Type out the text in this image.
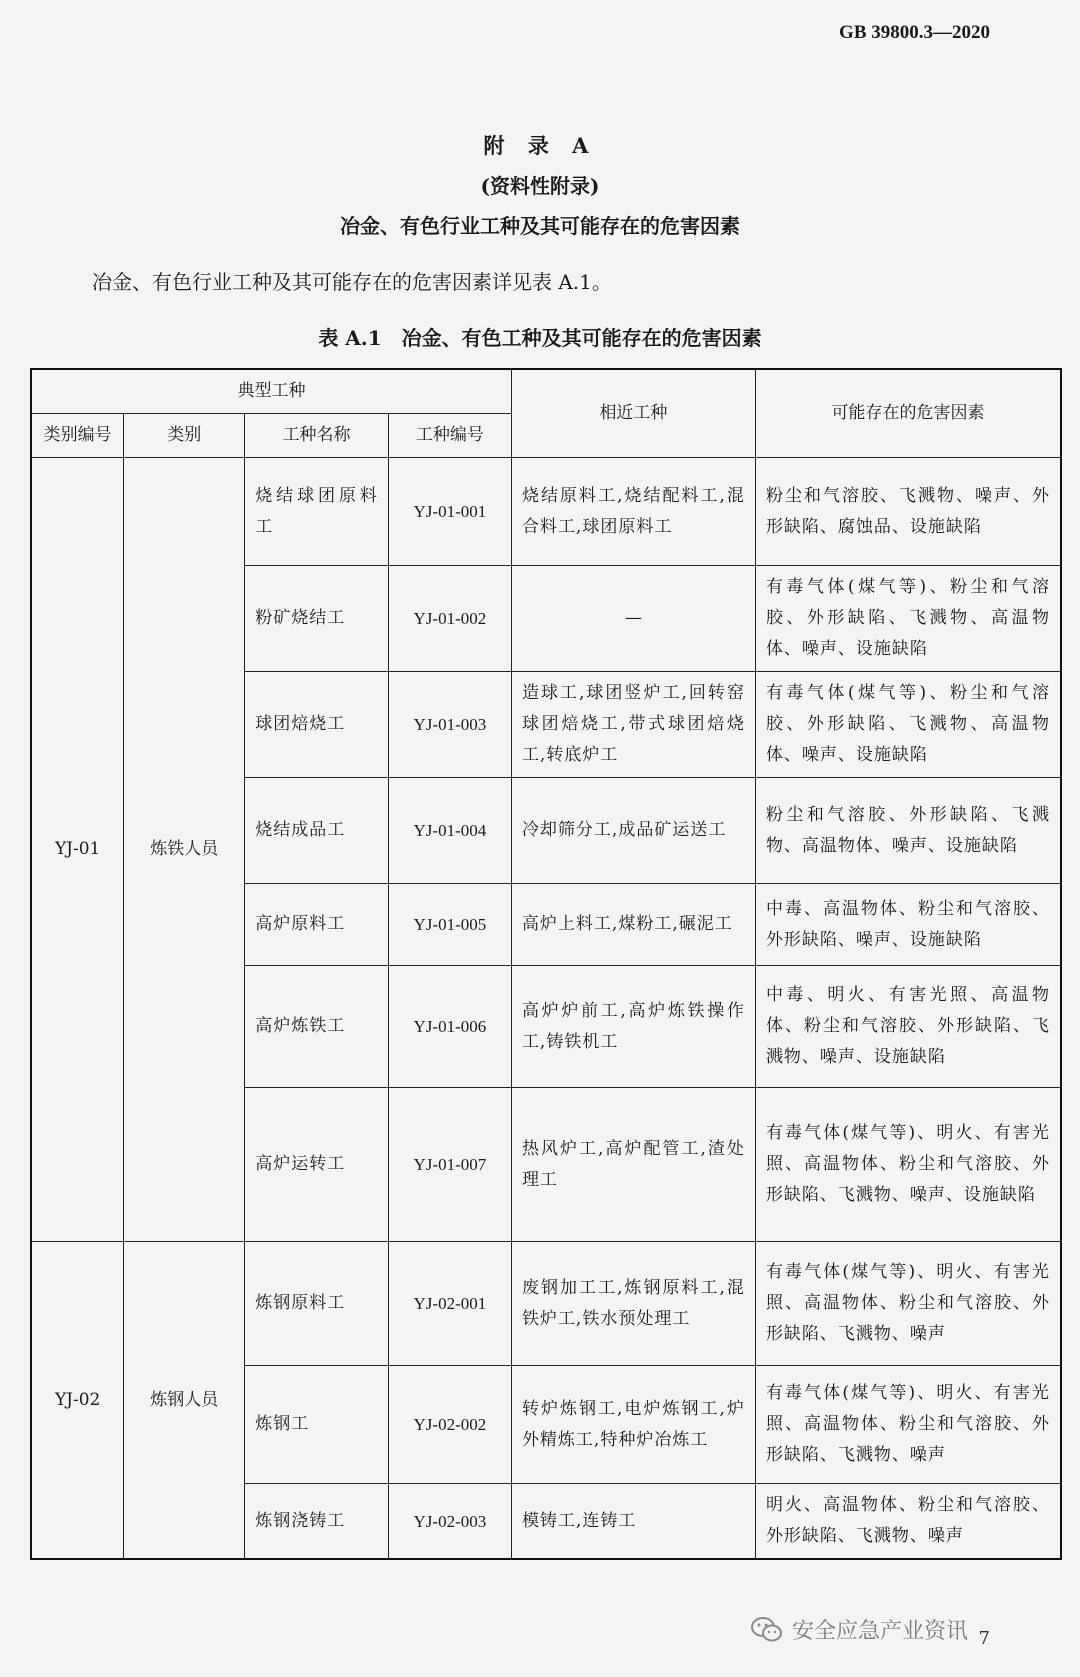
GB 39800.3—2020
附 录 A
(资料性附录)
冶金、有色行业工种及其可能存在的危害因素
冶金、有色行业工种及其可能存在的危害因素详见表 A.1。
表 A.1　冶金、有色工种及其可能存在的危害因素
典型工种				相近工种	可能存在的危害因素
类别编号	类别	工种名称	工种编号		
YJ-01	炼铁人员	烧结球团原料工	YJ-01-001	烧结原料工,烧结配料工,混合料工,球团原料工	粉尘和气溶胶、飞溅物、噪声、外形缺陷、腐蚀品、设施缺陷
		粉矿烧结工	YJ-01-002	—	有毒气体(煤气等)、粉尘和气溶胶、外形缺陷、飞溅物、高温物体、噪声、设施缺陷
		球团焙烧工	YJ-01-003	造球工,球团竖炉工,回转窑球团焙烧工,带式球团焙烧工,转底炉工	有毒气体(煤气等)、粉尘和气溶胶、外形缺陷、飞溅物、高温物体、噪声、设施缺陷
		烧结成品工	YJ-01-004	冷却筛分工,成品矿运送工	粉尘和气溶胶、外形缺陷、飞溅物、高温物体、噪声、设施缺陷
		高炉原料工	YJ-01-005	高炉上料工,煤粉工,碾泥工	中毒、高温物体、粉尘和气溶胶、外形缺陷、噪声、设施缺陷
		高炉炼铁工	YJ-01-006	高炉炉前工,高炉炼铁操作工,铸铁机工	中毒、明火、有害光照、高温物体、粉尘和气溶胶、外形缺陷、飞溅物、噪声、设施缺陷
		高炉运转工	YJ-01-007	热风炉工,高炉配管工,渣处理工	有毒气体(煤气等)、明火、有害光照、高温物体、粉尘和气溶胶、外形缺陷、飞溅物、噪声、设施缺陷
YJ-02	炼钢人员	炼钢原料工	YJ-02-001	废钢加工工,炼钢原料工,混铁炉工,铁水预处理工	有毒气体(煤气等)、明火、有害光照、高温物体、粉尘和气溶胶、外形缺陷、飞溅物、噪声
		炼钢工	YJ-02-002	转炉炼钢工,电炉炼钢工,炉外精炼工,特种炉冶炼工	有毒气体(煤气等)、明火、有害光照、高温物体、粉尘和气溶胶、外形缺陷、飞溅物、噪声
		炼钢浇铸工	YJ-02-003	模铸工,连铸工	明火、高温物体、粉尘和气溶胶、外形缺陷、飞溅物、噪声
安全应急产业资讯 7
